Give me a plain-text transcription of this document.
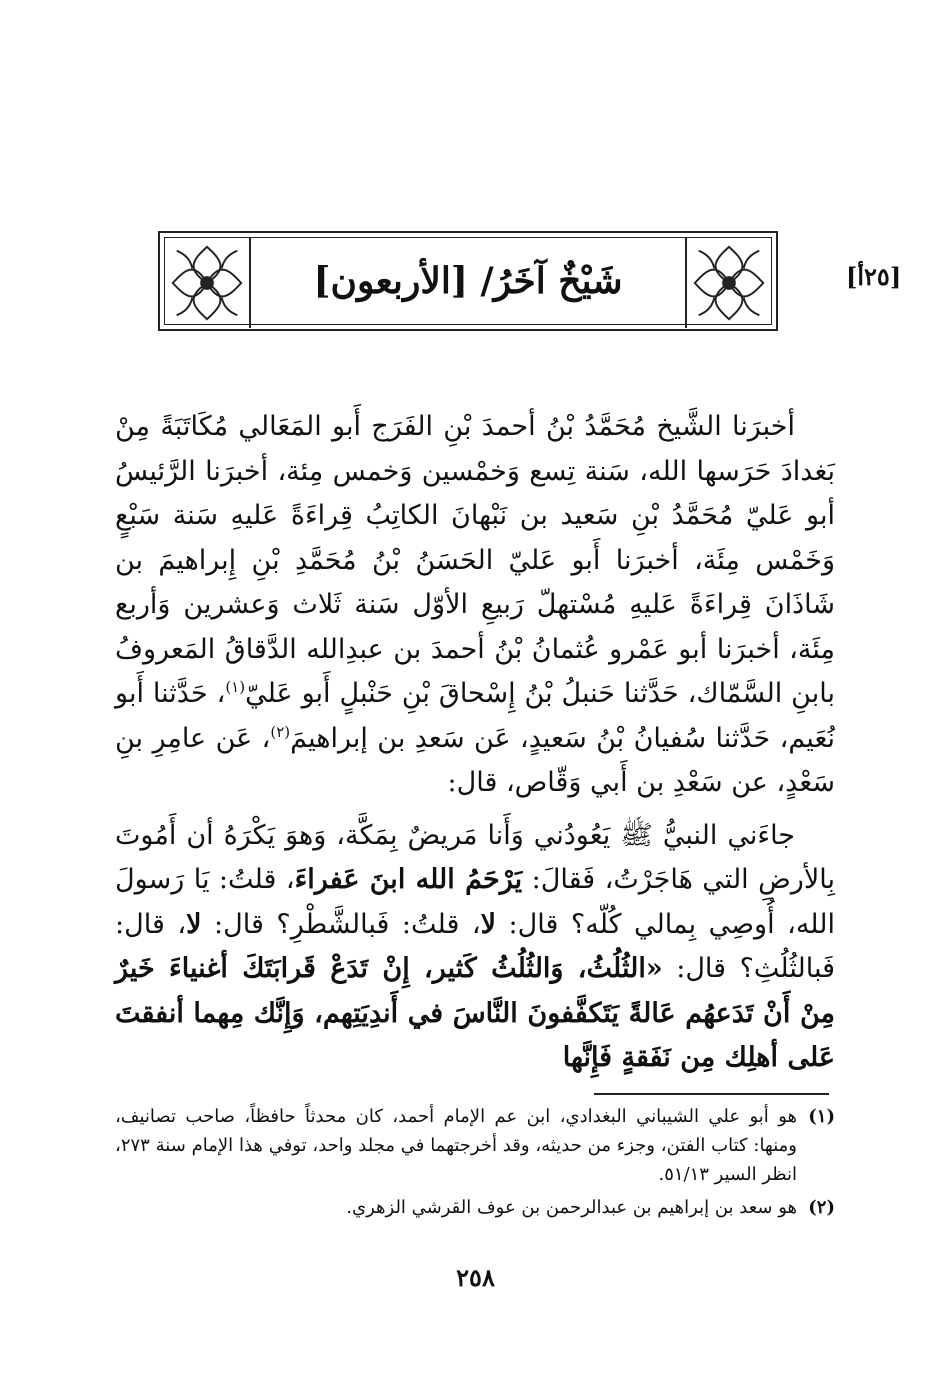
[٢٥أ]
شَيْخٌ آخَرُ/ [الأربعون]

أخبرَنا الشَّيخ مُحَمَّدُ بْنُ أحمدَ بْنِ الفَرَج أَبو المَعَالي مُكَاتَبَةً مِنْ بَغدادَ حَرَسها الله، سَنة تِسع وَخمْسين وَخمس مِئة، أخبرَنا الرَّئيسُ أبو عَليّ مُحَمَّدُ بْنِ سَعيد بن نَبْهانَ الكاتِبُ قِراءَةً عَليهِ سَنة سَبْعٍ وَخَمْس مِئَة، أخبرَنا أَبو عَليّ الحَسَنُ بْنُ مُحَمَّدِ بْنِ إِبراهيمَ بن شَاذَانَ قِراءَةً عَليهِ مُسْتهلّ رَبيعِ الأوّل سَنة ثَلاث وَعشرين وَأربع مِئَة، أخبرَنا أبو عَمْرو عُثمانُ بْنُ أحمدَ بن عبدِالله الدَّقاقُ المَعروفُ بابنِ السَّمّاك، حَدَّثنا حَنبلُ بْنُ إِسْحاقَ بْنِ حَنْبلٍ أَبو عَليّ$^{(١)}$، حَدَّثنا أَبو نُعَيم، حَدَّثنا سُفيانُ بْنُ سَعيدٍ، عَن سَعدِ بن إبراهيمَ$^{(٢)}$، عَن عامِرِ بنِ سَعْدٍ، عن سَعْدِ بن أَبي وَقّاص، قال:

جاءَني النبيُّ ﷺ يَعُودُني وَأَنا مَريضٌ بِمَكَّة، وَهوَ يَكْرَهُ أن أَمُوتَ بِالأرضِ التي هَاجَرْتُ، فَقالَ: يَرْحَمُ الله ابنَ عَفراءَ، قلتُ: يَا رَسولَ الله، أُوصِي بِمالي كُلّه؟ قال: لا، قلتُ: فَبالشَّطْرِ؟ قال: لا، قال: فَبالثُلُثِ؟ قال: «الثُلُثُ، وَالثُلُثُ كَثير، إِنْ تَدَعْ قَرابَتَكَ أغنياءَ خَيرٌ مِنْ أَنْ تَدَعهُم عَالةً يَتَكفَّفونَ النَّاسَ في أَندِيَتِهم، وَإِنَّك مِهما أنفقتَ عَلى أهلِك مِن نَفَقةٍ فَإِنَّها

(١)
هو أبو علي الشيباني البغدادي، ابن عم الإمام أحمد، كان محدثاً حافظاً، صاحب تصانيف، ومنها: كتاب الفتن، وجزء من حديثه، وقد أخرجتهما في مجلد واحد، توفي هذا الإمام سنة ٢٧٣، انظر السير ٥١/١٣.
(٢)
هو سعد بن إبراهيم بن عبدالرحمن بن عوف القرشي الزهري.
٢٥٨
